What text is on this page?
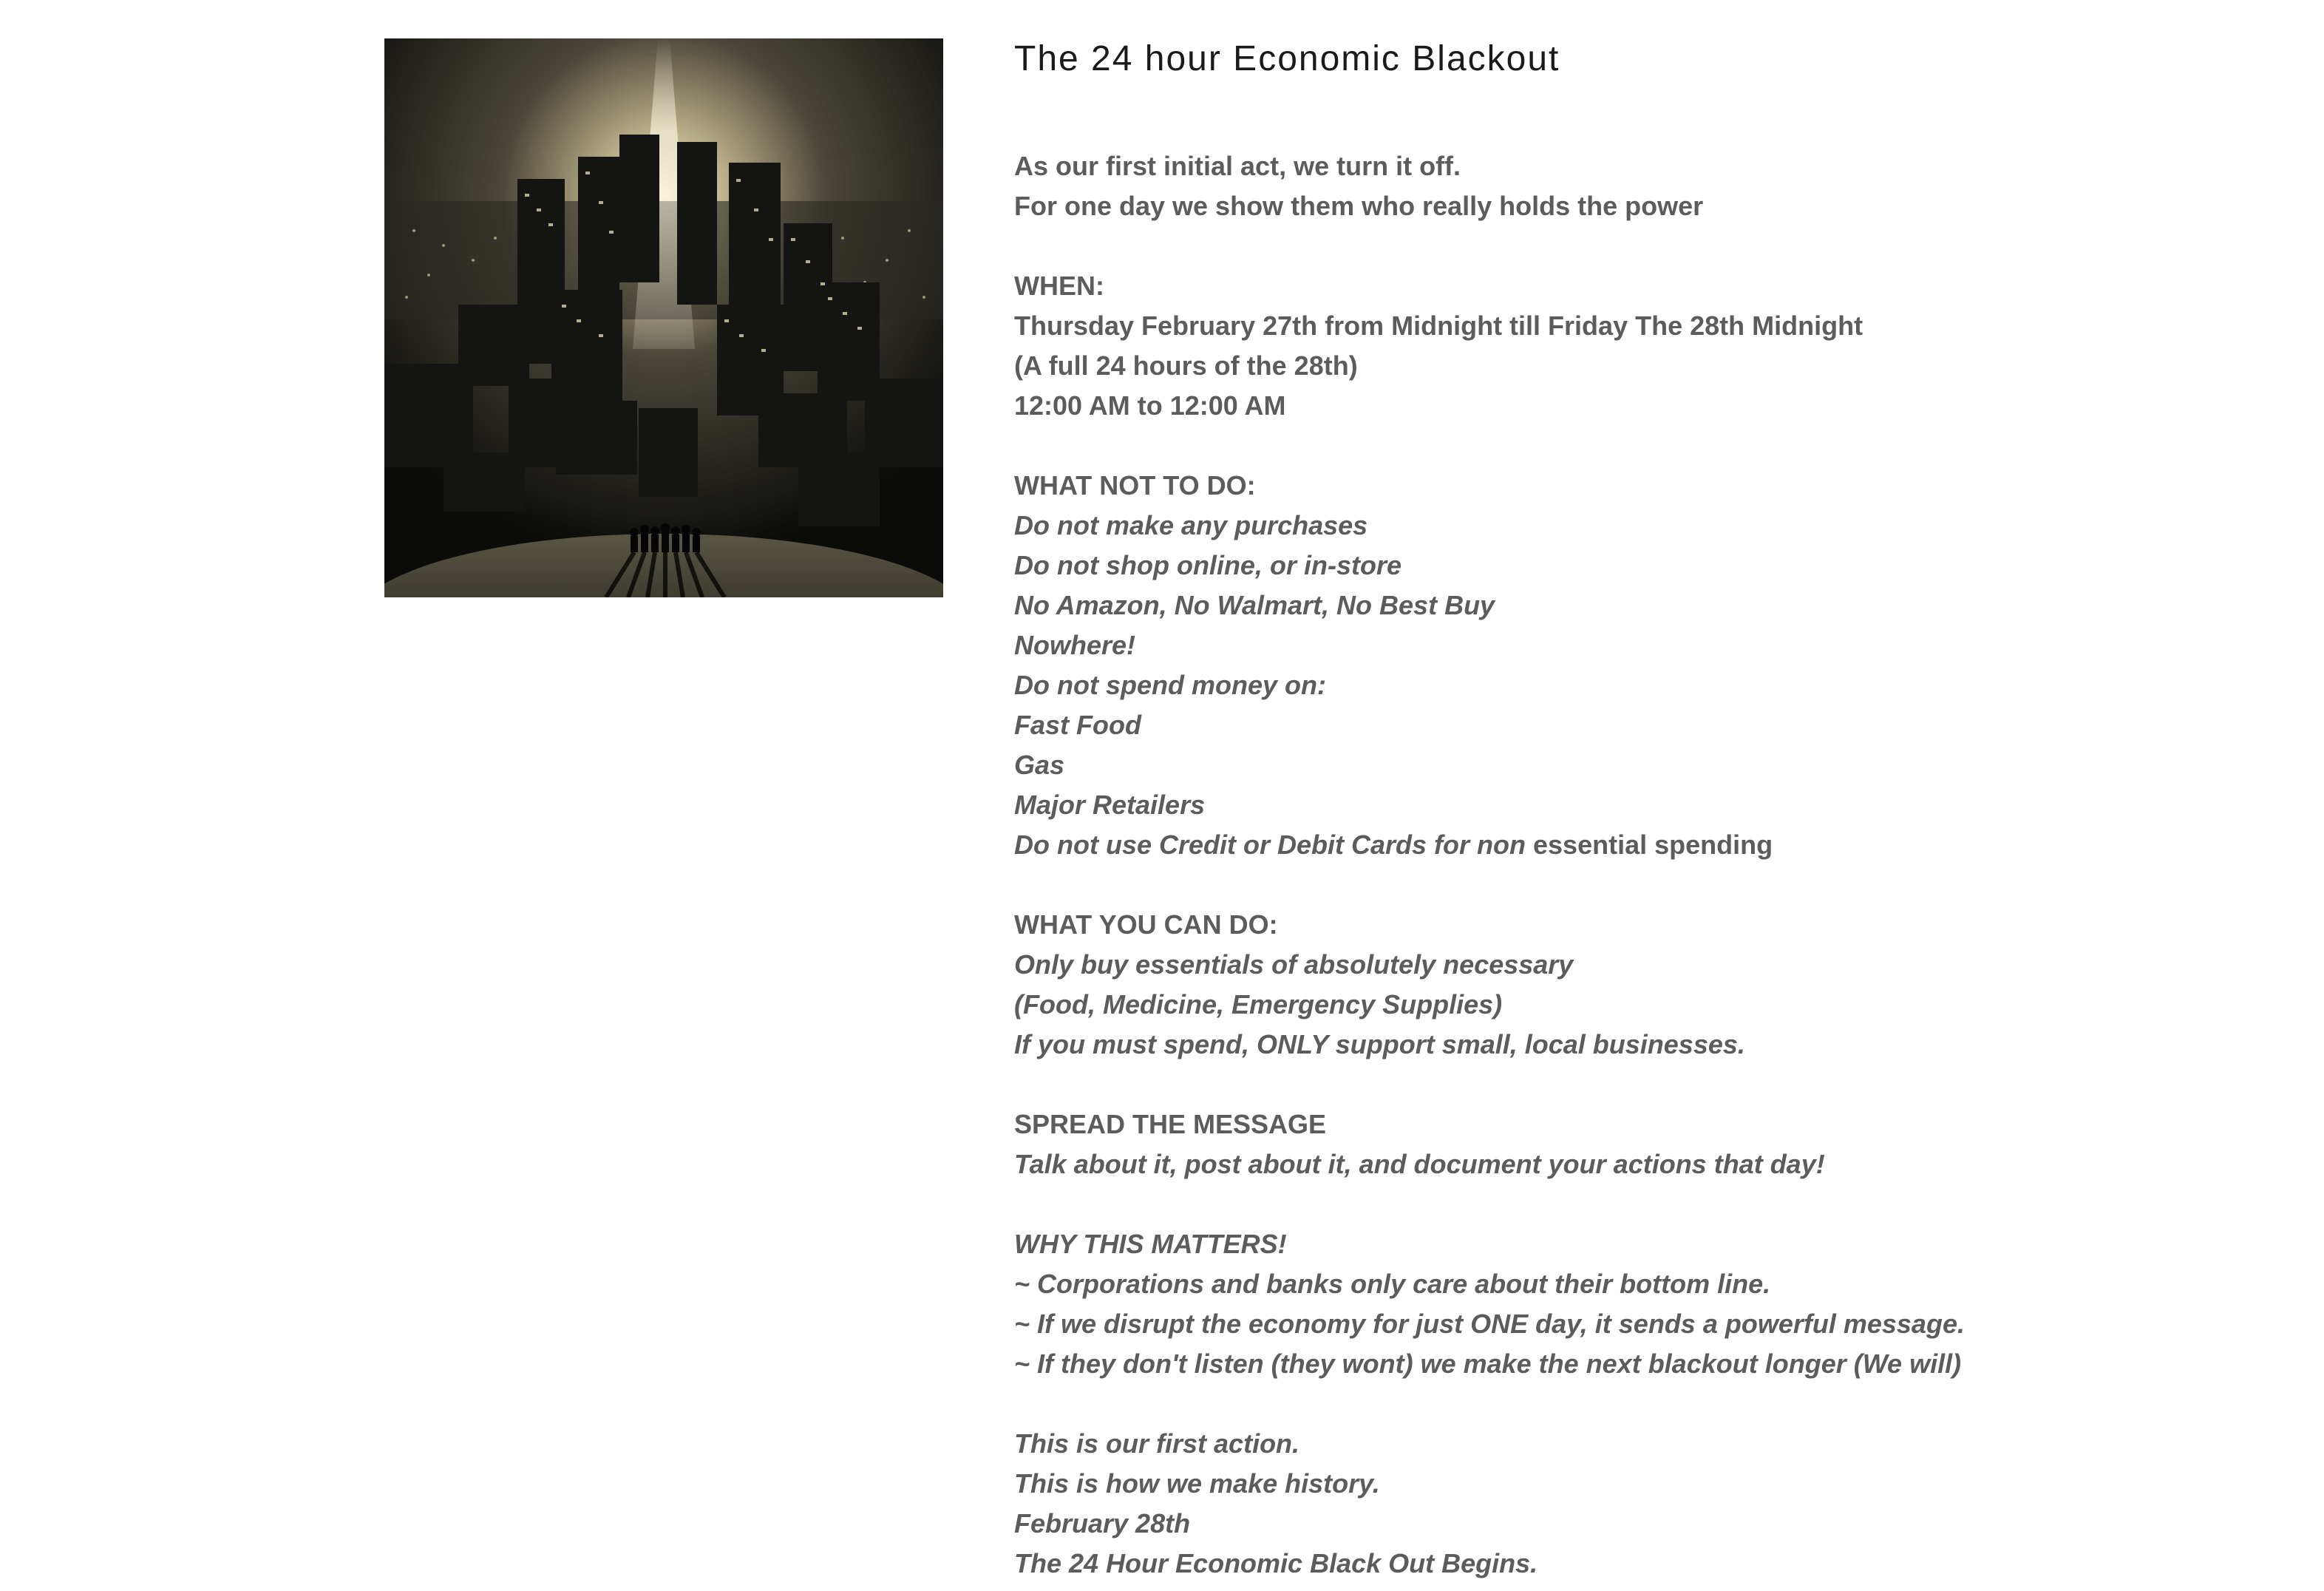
The 24 hour Economic Blackout
As our first initial act, we turn it off.
For one day we show them who really holds the power
WHEN:
Thursday February 27th from Midnight till Friday The 28th Midnight
(A full 24 hours of the 28th)
12:00 AM to 12:00 AM
WHAT NOT TO DO:
Do not make any purchases
Do not shop online, or in-store
No Amazon, No Walmart, No Best Buy
Nowhere!
Do not spend money on:
Fast Food
Gas
Major Retailers
Do not use Credit or Debit Cards for non essential spending
WHAT YOU CAN DO:
Only buy essentials of absolutely necessary
(Food, Medicine, Emergency Supplies)
If you must spend, ONLY support small, local businesses.
SPREAD THE MESSAGE
Talk about it, post about it, and document your actions that day!
WHY THIS MATTERS!
~ Corporations and banks only care about their bottom line.
~ If we disrupt the economy for just ONE day, it sends a powerful message.
~ If they don't listen (they wont) we make the next blackout longer (We will)
This is our first action.
This is how we make history.
February 28th
The 24 Hour Economic Black Out Begins.
